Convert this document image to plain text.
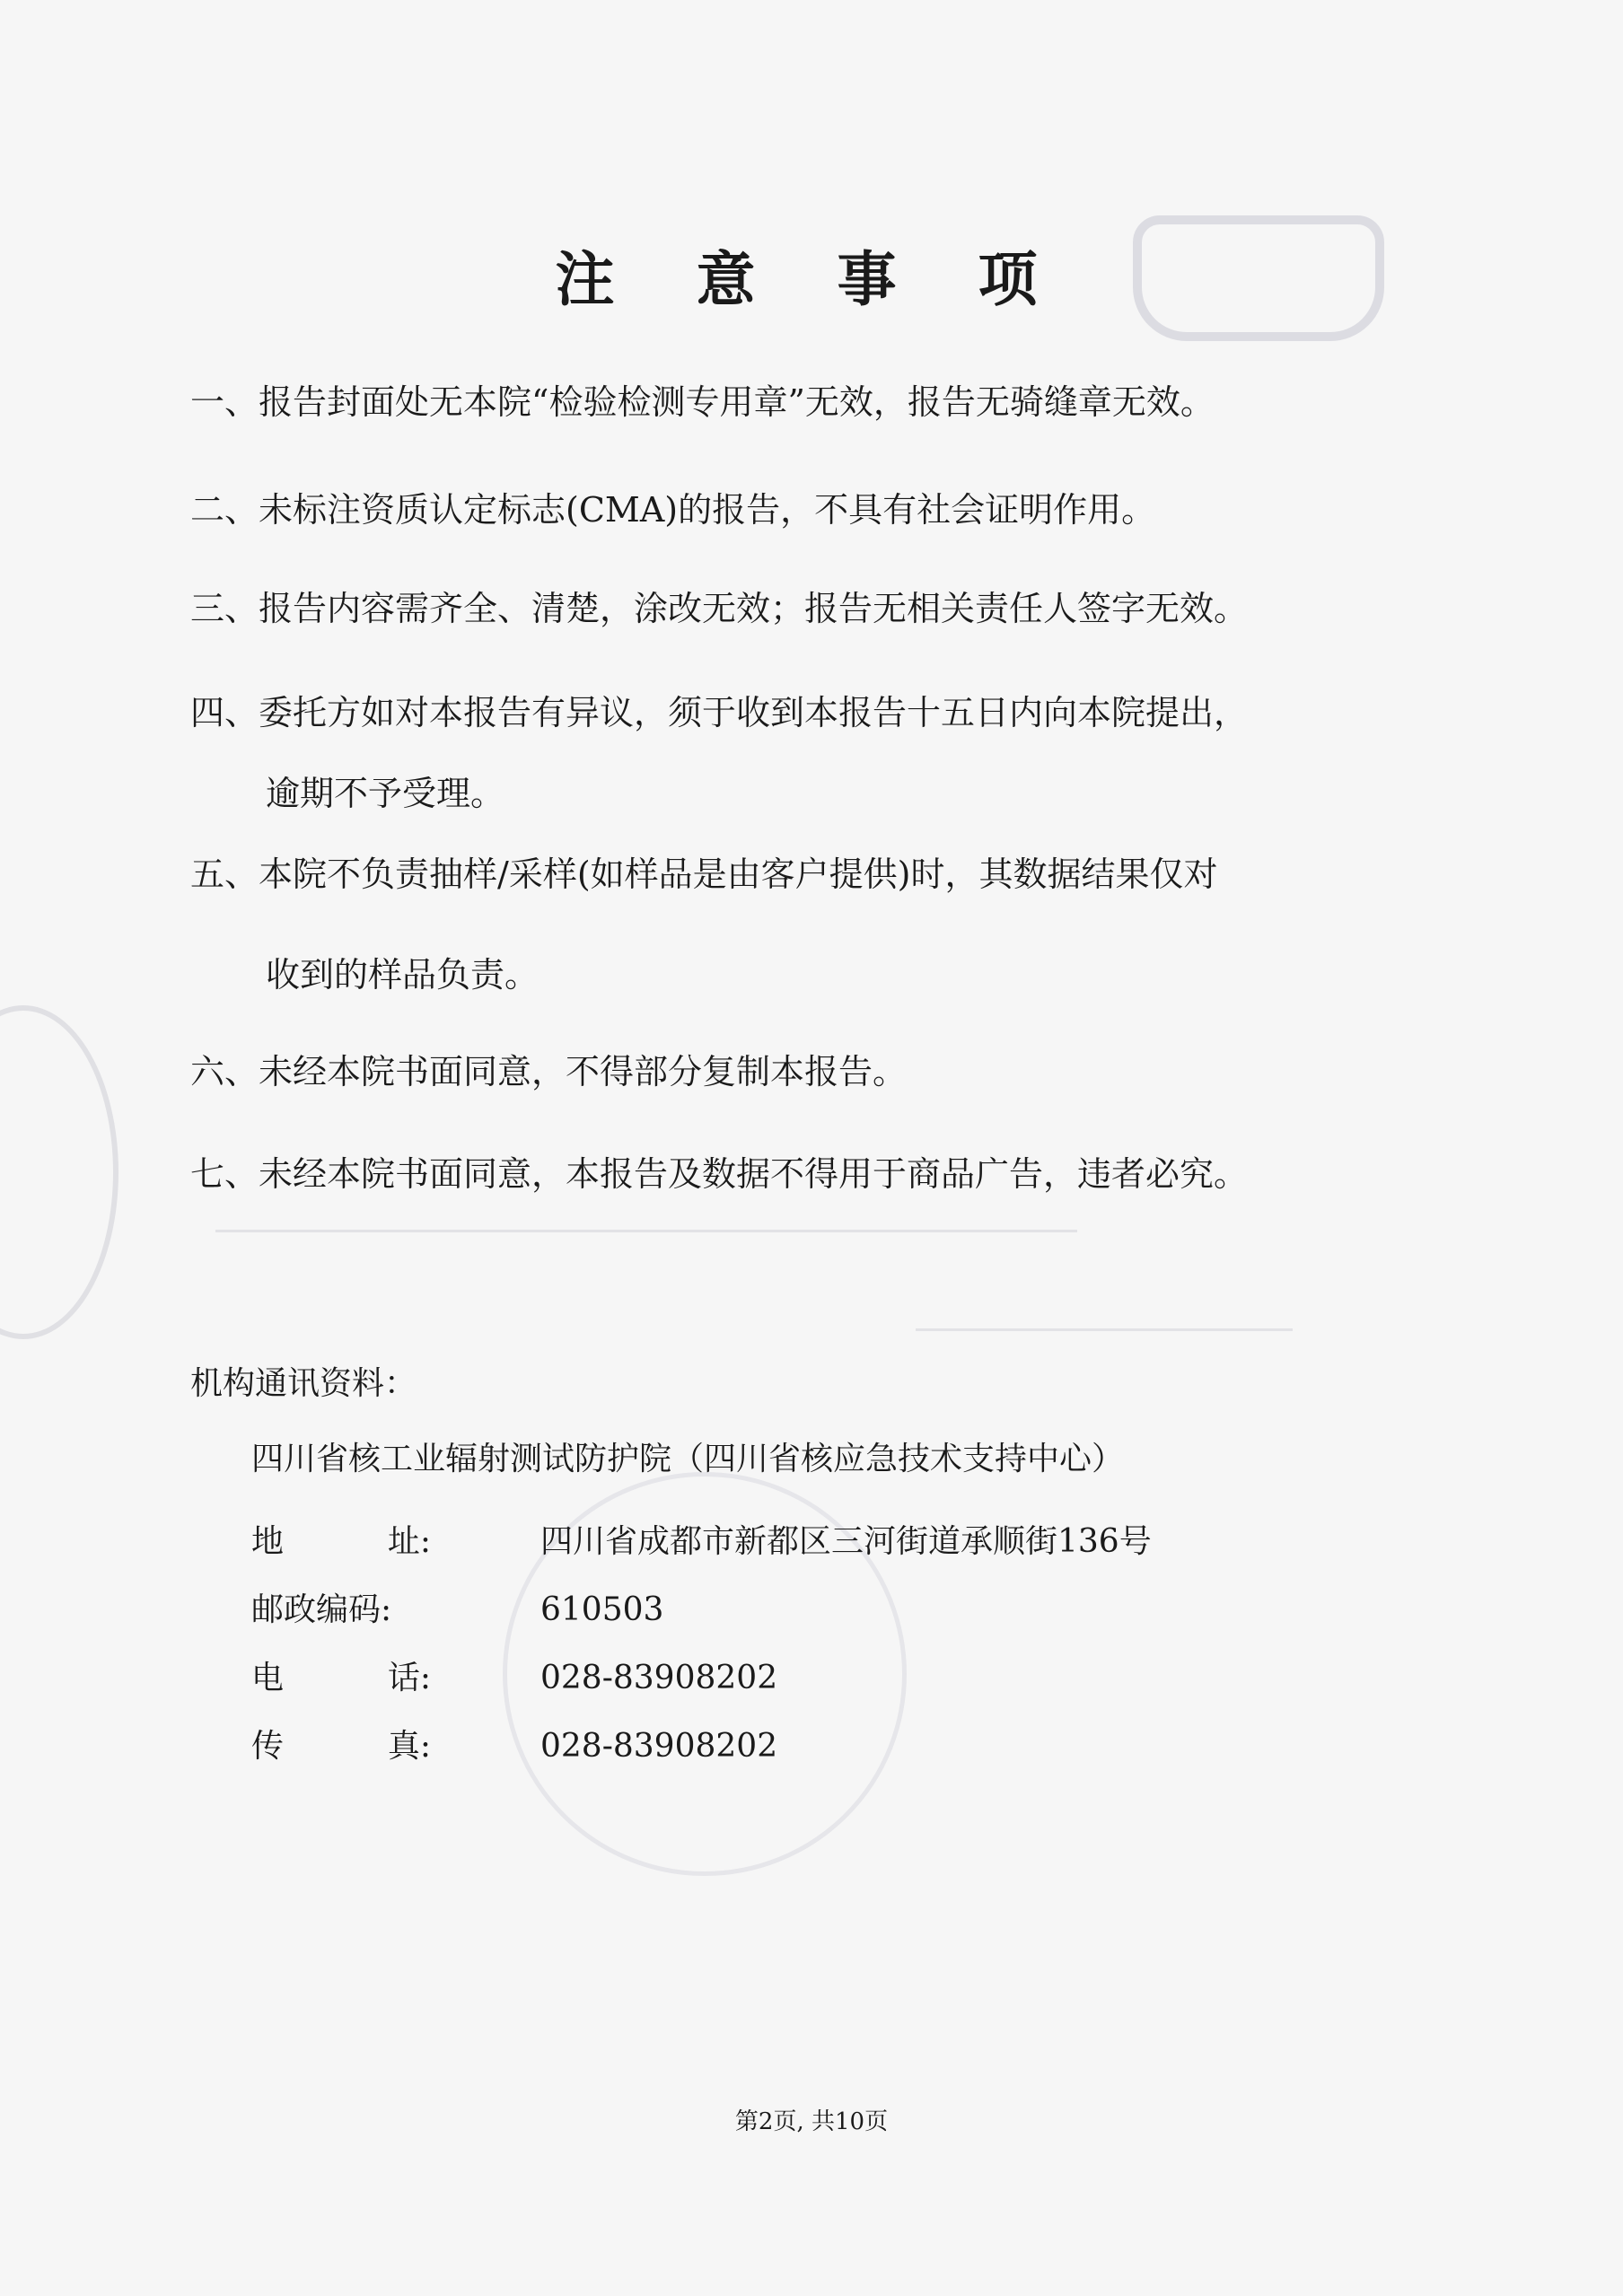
注 意 事 项
一、报告封面处无本院“检验检测专用章”无效，报告无骑缝章无效。
二、未标注资质认定标志(CMA)的报告，不具有社会证明作用。
三、报告内容需齐全、清楚，涂改无效；报告无相关责任人签字无效。
四、委托方如对本报告有异议，须于收到本报告十五日内向本院提出，
逾期不予受理。
五、本院不负责抽样/采样(如样品是由客户提供)时，其数据结果仅对
收到的样品负责。
六、未经本院书面同意，不得部分复制本报告。
七、未经本院书面同意，本报告及数据不得用于商品广告，违者必究。
机构通讯资料：
四川省核工业辐射测试防护院（四川省核应急技术支持中心）
地	址:	四川省成都市新都区三河街道承顺街136号
邮政编码:	610503
电	话:	028-83908202
传	真:	028-83908202
第2页, 共10页
